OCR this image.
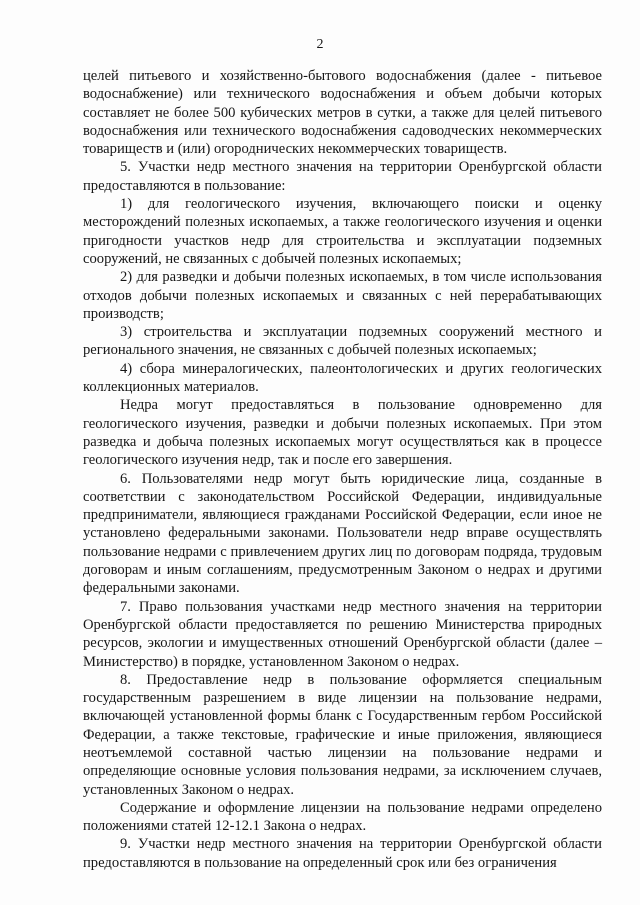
2

целей питьевого и хозяйственно-бытового водоснабжения (далее - питьевое водоснабжение) или технического водоснабжения и объем добычи которых составляет не более 500 кубических метров в сутки, а также для целей питьевого водоснабжения или технического водоснабжения садоводческих некоммерческих товариществ и (или) огороднических некоммерческих товариществ.

5. Участки недр местного значения на территории Оренбургской области предоставляются в пользование:

1) для геологического изучения, включающего поиски и оценку месторождений полезных ископаемых, а также геологического изучения и оценки пригодности участков недр для строительства и эксплуатации подземных сооружений, не связанных с добычей полезных ископаемых;

2) для разведки и добычи полезных ископаемых, в том числе использования отходов добычи полезных ископаемых и связанных с ней перерабатывающих производств;

3) строительства и эксплуатации подземных сооружений местного и регионального значения, не связанных с добычей полезных ископаемых;

4) сбора минералогических, палеонтологических и других геологических коллекционных материалов.

Недра могут предоставляться в пользование одновременно для геологического изучения, разведки и добычи полезных ископаемых. При этом разведка и добыча полезных ископаемых могут осуществляться как в процессе геологического изучения недр, так и после его завершения.

6. Пользователями недр могут быть юридические лица, созданные в соответствии с законодательством Российской Федерации, индивидуальные предприниматели, являющиеся гражданами Российской Федерации, если иное не установлено федеральными законами. Пользователи недр вправе осуществлять пользование недрами с привлечением других лиц по договорам подряда, трудовым договорам и иным соглашениям, предусмотренным Законом о недрах и другими федеральными законами.

7. Право пользования участками недр местного значения на территории Оренбургской области предоставляется по решению Министерства природных ресурсов, экологии и имущественных отношений Оренбургской области (далее – Министерство) в порядке, установленном Законом о недрах.

8. Предоставление недр в пользование оформляется специальным государственным разрешением в виде лицензии на пользование недрами, включающей установленной формы бланк с Государственным гербом Российской Федерации, а также текстовые, графические и иные приложения, являющиеся неотъемлемой составной частью лицензии на пользование недрами и определяющие основные условия пользования недрами, за исключением случаев, установленных Законом о недрах.

Содержание и оформление лицензии на пользование недрами определено положениями статей 12-12.1 Закона о недрах.

9. Участки недр местного значения на территории Оренбургской области предоставляются в пользование на определенный срок или без ограничения
